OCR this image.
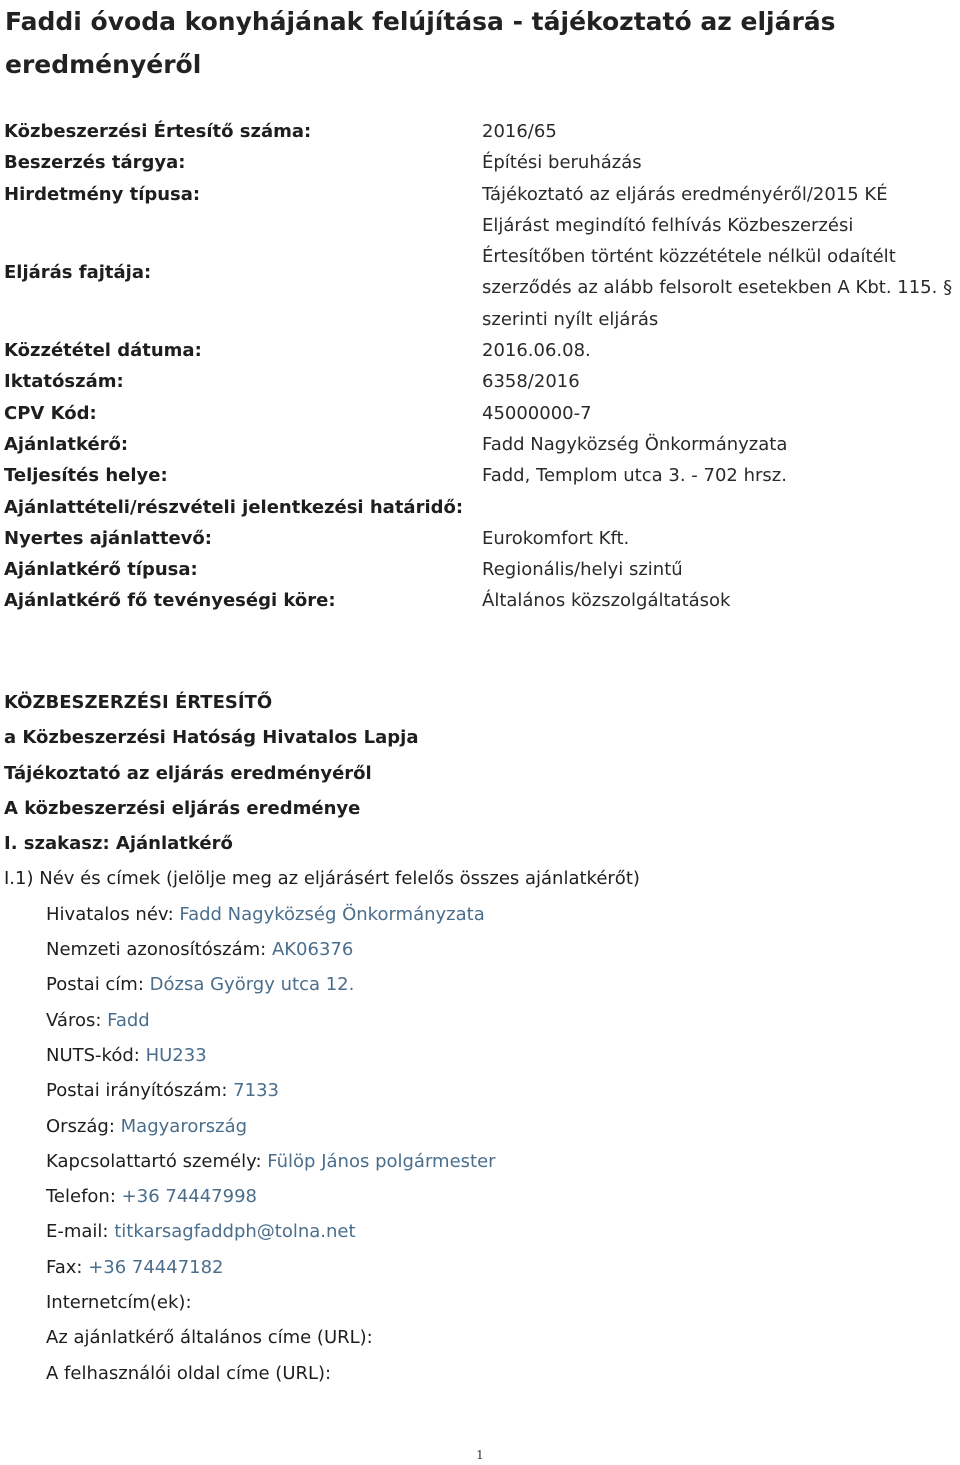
Faddi óvoda konyhájának felújítása - tájékoztató az eljárás eredményéről
Közbeszerzési Értesítő száma:	2016/65
Beszerzés tárgya:	Építési beruházás
Hirdetmény típusa:	Tájékoztató az eljárás eredményéről/2015 KÉ
Eljárás fajtája:	Eljárást megindító felhívás Közbeszerzési Értesítőben történt közzététele nélkül odaítélt szerződés az alább felsorolt esetekben A Kbt. 115. § szerinti nyílt eljárás
Közzététel dátuma:	2016.06.08.
Iktatószám:	6358/2016
CPV Kód:	45000000-7
Ajánlatkérő:	Fadd Nagyközség Önkormányzata
Teljesítés helye:	Fadd, Templom utca 3. - 702 hrsz.
Ajánlattételi/részvételi jelentkezési határidő:	
Nyertes ajánlattevő:	Eurokomfort Kft.
Ajánlatkérő típusa:	Regionális/helyi szintű
Ajánlatkérő fő tevényeségi köre:	Általános közszolgáltatások
KÖZBESZERZÉSI ÉRTESÍTŐ
a Közbeszerzési Hatóság Hivatalos Lapja
Tájékoztató az eljárás eredményéről
A közbeszerzési eljárás eredménye
I. szakasz: Ajánlatkérő
I.1) Név és címek (jelölje meg az eljárásért felelős összes ajánlatkérőt)
Hivatalos név: Fadd Nagyközség Önkormányzata
Nemzeti azonosítószám: AK06376
Postai cím: Dózsa György utca 12.
Város: Fadd
NUTS-kód: HU233
Postai irányítószám: 7133
Ország: Magyarország
Kapcsolattartó személy: Fülöp János polgármester
Telefon: +36 74447998
E-mail: titkarsagfaddph@tolna.net
Fax: +36 74447182
Internetcím(ek):
Az ajánlatkérő általános címe (URL):
A felhasználói oldal címe (URL):
1
